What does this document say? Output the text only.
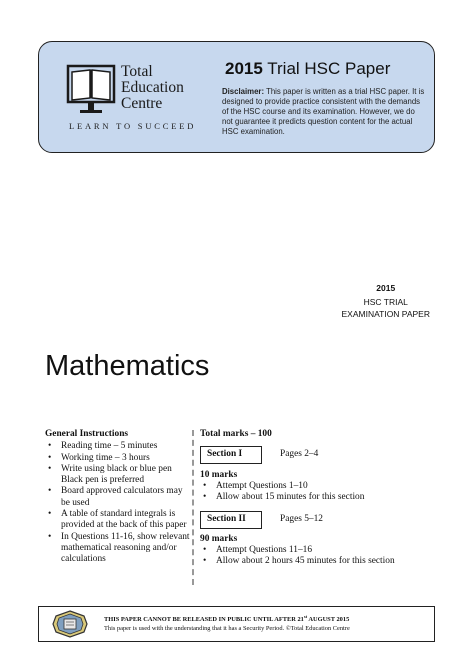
Total
Education
Centre
LEARN TO SUCCEED
2015 Trial HSC Paper
Disclaimer: This paper is written as a trial HSC paper. It is designed to provide practice consistent with the demands of the HSC course and its examination. However, we do not guarantee it predicts question content for the actual HSC examination.
2015
HSC TRIAL
EXAMINATION PAPER
Mathematics
General Instructions
• Reading time – 5 minutes
• Working time – 3 hours
• Write using black or blue pen Black pen is preferred
• Board approved calculators may be used
• A table of standard integrals is provided at the back of this paper
• In Questions 11-16, show relevant mathematical reasoning and/or calculations
Total marks – 100
Section I	Pages 2–4
10 marks
• Attempt Questions 1–10
• Allow about 15 minutes for this section
Section II	Pages 5–12
90 marks
• Attempt Questions 11–16
• Allow about 2 hours 45 minutes for this section
THIS PAPER CANNOT BE RELEASED IN PUBLIC UNTIL AFTER 21st AUGUST 2015
This paper is used with the understanding that it has a Security Period. ©Total Education Centre
